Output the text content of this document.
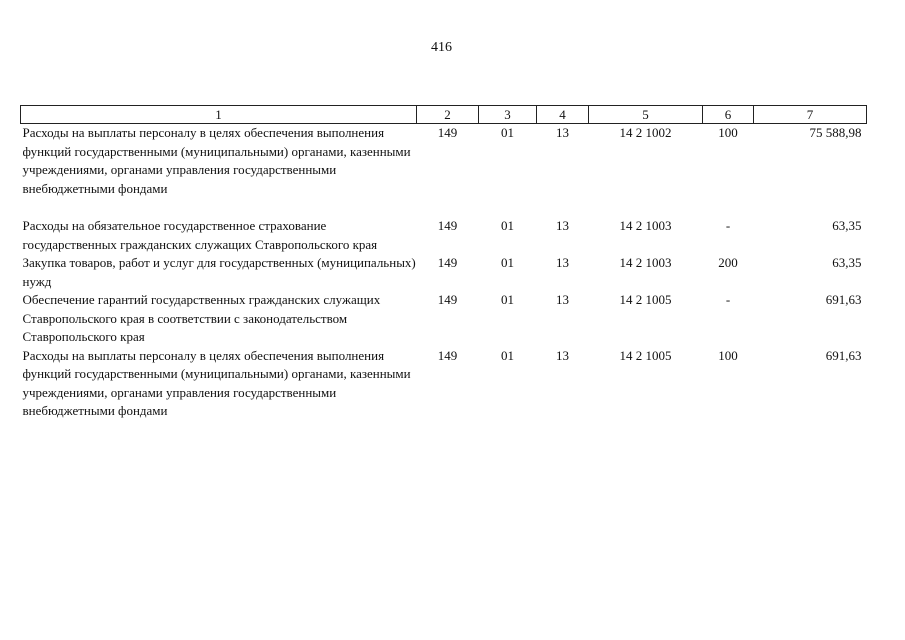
416
1	2	3	4	5	6	7
Расходы на выплаты персоналу в целях обеспечения выполнения функций государственными (муниципальными) органами, казенными учреждениями, органами управления государственными внебюджетными фондами	149	01	13	14 2 1002	100	75 588,98
Расходы на обязательное государственное страхование государственных гражданских служащих Ставропольского края	149	01	13	14 2 1003	-	63,35
Закупка товаров, работ и услуг для государственных (муниципальных) нужд	149	01	13	14 2 1003	200	63,35
Обеспечение гарантий государственных гражданских служащих Ставропольского края в соответствии с законодательством Ставропольского края	149	01	13	14 2 1005	-	691,63
Расходы на выплаты персоналу в целях обеспечения выполнения функций государственными (муниципальными) органами, казенными учреждениями, органами управления государственными внебюджетными фондами	149	01	13	14 2 1005	100	691,63
